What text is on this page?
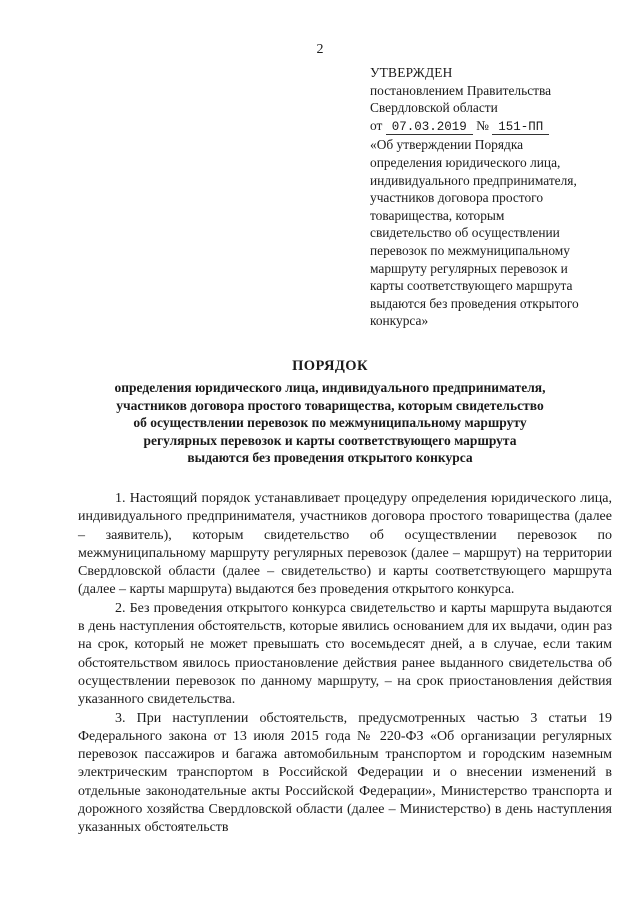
2
УТВЕРЖДЕН
постановлением Правительства
Свердловской области
от 07.03.2019 № 151-ПП
«Об утверждении Порядка
определения юридического лица,
индивидуального предпринимателя,
участников договора простого
товарищества, которым
свидетельство об осуществлении
перевозок по межмуниципальному
маршруту регулярных перевозок и
карты соответствующего маршрута
выдаются без проведения открытого
конкурса»
ПОРЯДОК
определения юридического лица, индивидуального предпринимателя,
участников договора простого товарищества, которым свидетельство
об осуществлении перевозок по межмуниципальному маршруту
регулярных перевозок и карты соответствующего маршрута
выдаются без проведения открытого конкурса

1. Настоящий порядок устанавливает процедуру определения юридического лица, индивидуального предпринимателя, участников договора простого товарищества (далее – заявитель), которым свидетельство об осуществлении перевозок по межмуниципальному маршруту регулярных перевозок (далее – маршрут) на территории Свердловской области (далее – свидетельство) и карты соответствующего маршрута (далее – карты маршрута) выдаются без проведения открытого конкурса.

2. Без проведения открытого конкурса свидетельство и карты маршрута выдаются в день наступления обстоятельств, которые явились основанием для их выдачи, один раз на срок, который не может превышать сто восемьдесят дней, а в случае, если таким обстоятельством явилось приостановление действия ранее выданного свидетельства об осуществлении перевозок по данному маршруту, – на срок приостановления действия указанного свидетельства.

3. При наступлении обстоятельств, предусмотренных частью 3 статьи 19 Федерального закона от 13 июля 2015 года № 220-ФЗ «Об организации регулярных перевозок пассажиров и багажа автомобильным транспортом и городским наземным электрическим транспортом в Российской Федерации и о внесении изменений в отдельные законодательные акты Российской Федерации», Министерство транспорта и дорожного хозяйства Свердловской области (далее – Министерство) в день наступления указанных обстоятельств
